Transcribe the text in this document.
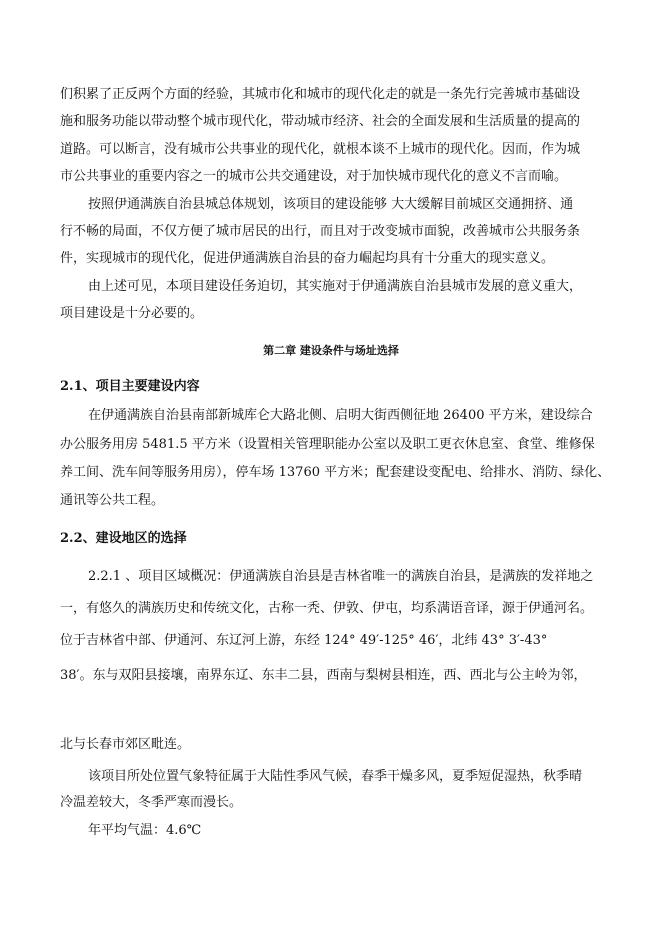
们积累了正反两个方面的经验，其城市化和城市的现代化走的就是一条先行完善城市基础设
施和服务功能以带动整个城市现代化，带动城市经济、社会的全面发展和生活质量的提高的
道路。可以断言，没有城市公共事业的现代化，就根本谈不上城市的现代化。因而，作为城
市公共事业的重要内容之一的城市公共交通建设，对于加快城市现代化的意义不言而喻。
按照伊通满族自治县城总体规划，该项目的建设能够 大大缓解目前城区交通拥挤、通
行不畅的局面，不仅方便了城市居民的出行，而且对于改变城市面貌，改善城市公共服务条
件，实现城市的现代化，促进伊通满族自治县的奋力崛起均具有十分重大的现实意义。
由上述可见，本项目建设任务迫切，其实施对于伊通满族自治县城市发展的意义重大，
项目建设是十分必要的。
第二章 建设条件与场址选择
2.1、项目主要建设内容
在伊通满族自治县南部新城库仑大路北侧、启明大街西侧征地 26400 平方米，建设综合
办公服务用房 5481.5 平方米（设置相关管理职能办公室以及职工更衣休息室、食堂、维修保
养工间、洗车间等服务用房），停车场 13760 平方米；配套建设变配电、给排水、消防、绿化、
通讯等公共工程。
2.2、建设地区的选择
2.2.1 、项目区域概况：伊通满族自治县是吉林省唯一的满族自治县，是满族的发祥地之
一，有悠久的满族历史和传统文化，古称一秃、伊敦、伊屯，均系满语音译，源于伊通河名。
位于吉林省中部、伊通河、东辽河上游，东经 124° 49′-125° 46′，北纬 43° 3′-43°
38′。东与双阳县接壤，南界东辽、东丰二县，西南与梨树县相连，西、西北与公主岭为邻，
北与长春市郊区毗连。
该项目所处位置气象特征属于大陆性季风气候，春季干燥多风，夏季短促湿热，秋季晴
冷温差较大，冬季严寒而漫长。
年平均气温：4.6℃
